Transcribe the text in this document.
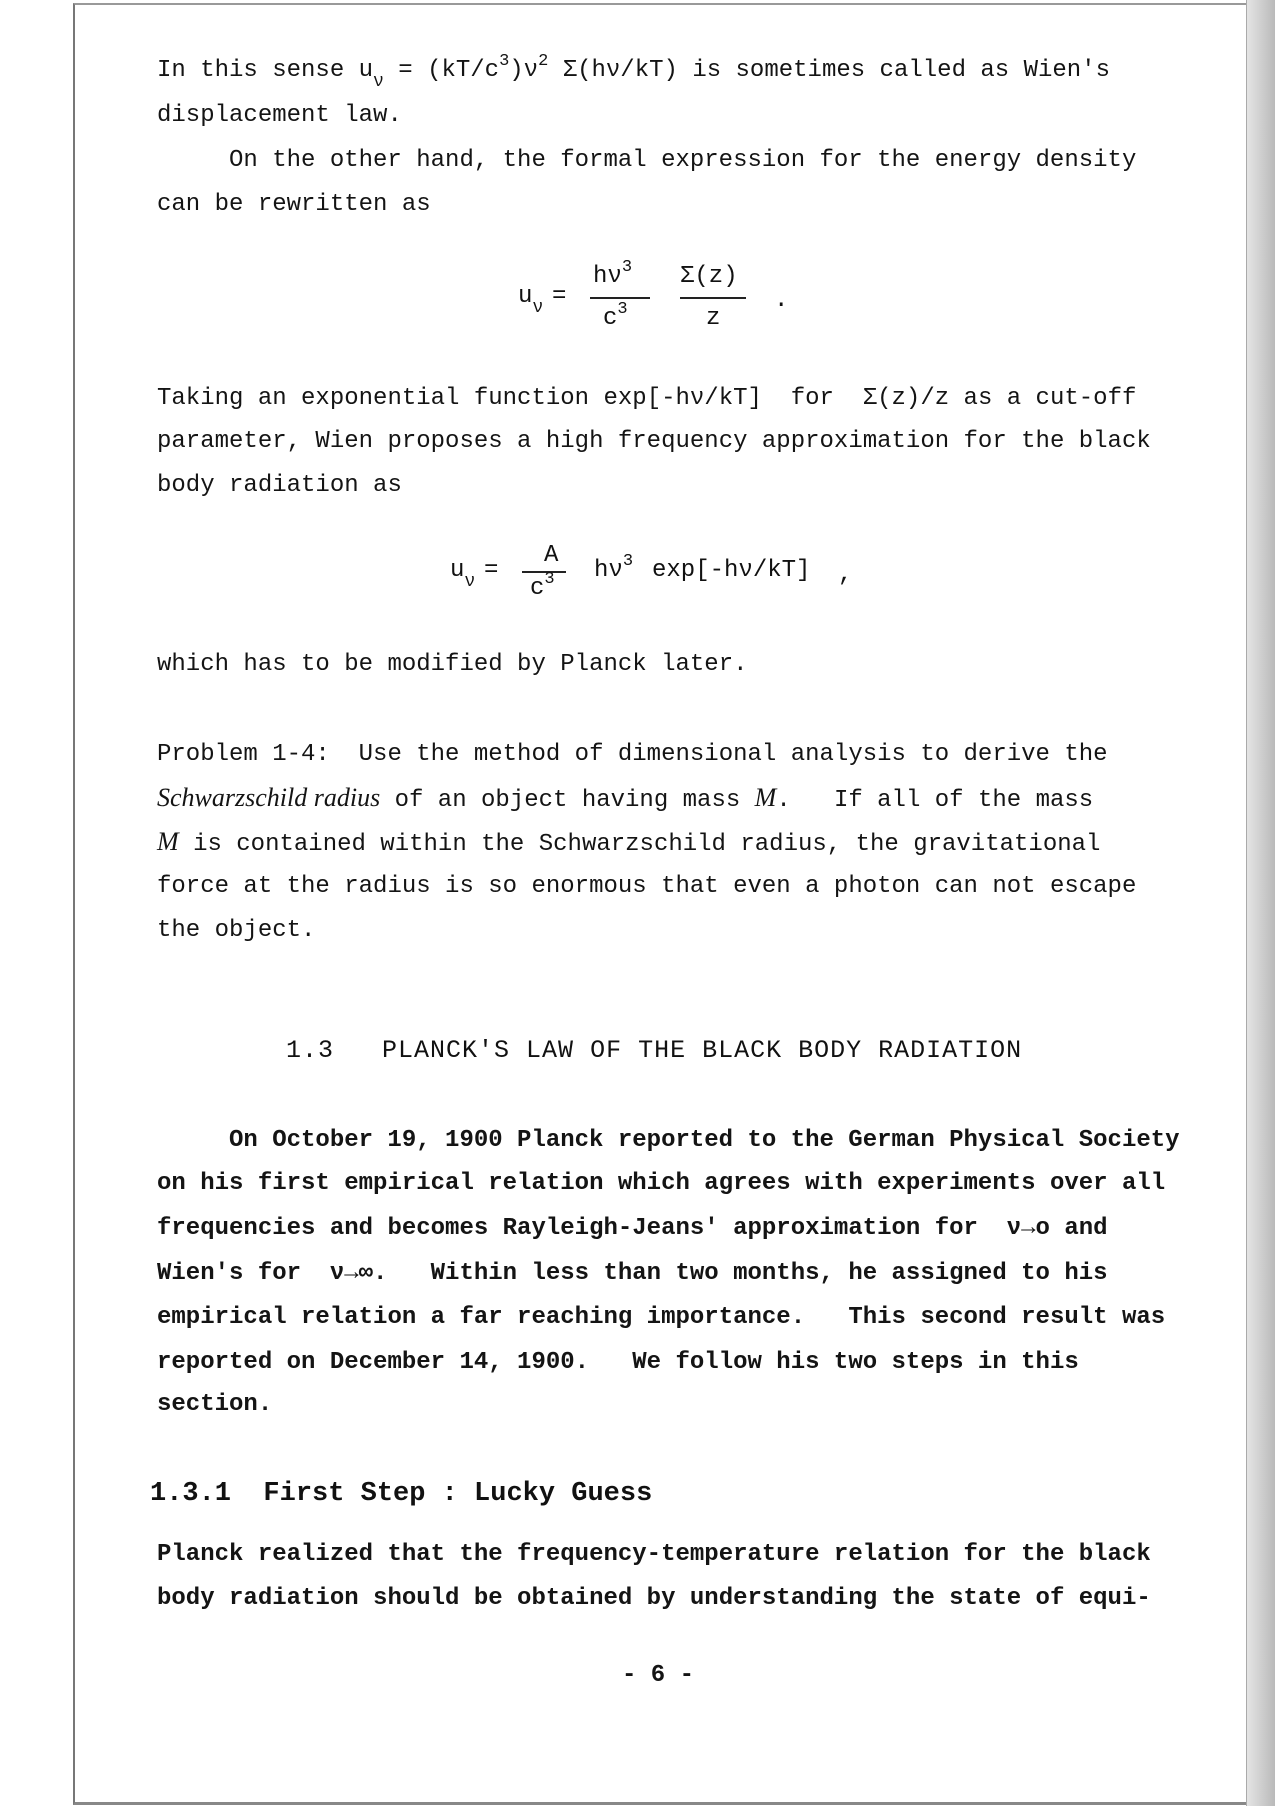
In this sense $u_\nu = (kT/c^3)\nu^2$ Σ(hν/kT) is sometimes called as Wien's
displacement law.
On the other hand, the formal expression for the energy density
can be rewritten as
$u_\nu$ =
$h\nu^3$
$c^3$
Σ(z)
z
.
Taking an exponential function exp[-hν/kT]  for  Σ(z)/z as a cut-off
parameter, Wien proposes a high frequency approximation for the black
body radiation as
$u_\nu$ =
A
$c^3$ $h\nu^3$ exp[-hν/kT] ,
which has to be modified by Planck later.
Problem 1-4:  Use the method of dimensional analysis to derive the
Schwarzschild radius of an object having mass M.   If all of the mass
M is contained within the Schwarzschild radius, the gravitational
force at the radius is so enormous that even a photon can not escape
the object.
1.3 PLANCK'S LAW OF THE BLACK BODY RADIATION
On October 19, 1900 Planck reported to the German Physical Society
on his first empirical relation which agrees with experiments over all
frequencies and becomes Rayleigh-Jeans' approximation for  ν→o and
Wien's for  ν→∞.   Within less than two months, he assigned to his
empirical relation a far reaching importance.   This second result was
reported on December 14, 1900.   We follow his two steps in this
section.
1.3.1 First Step : Lucky Guess
Planck realized that the frequency-temperature relation for the black
body radiation should be obtained by understanding the state of equi-
- 6 -
